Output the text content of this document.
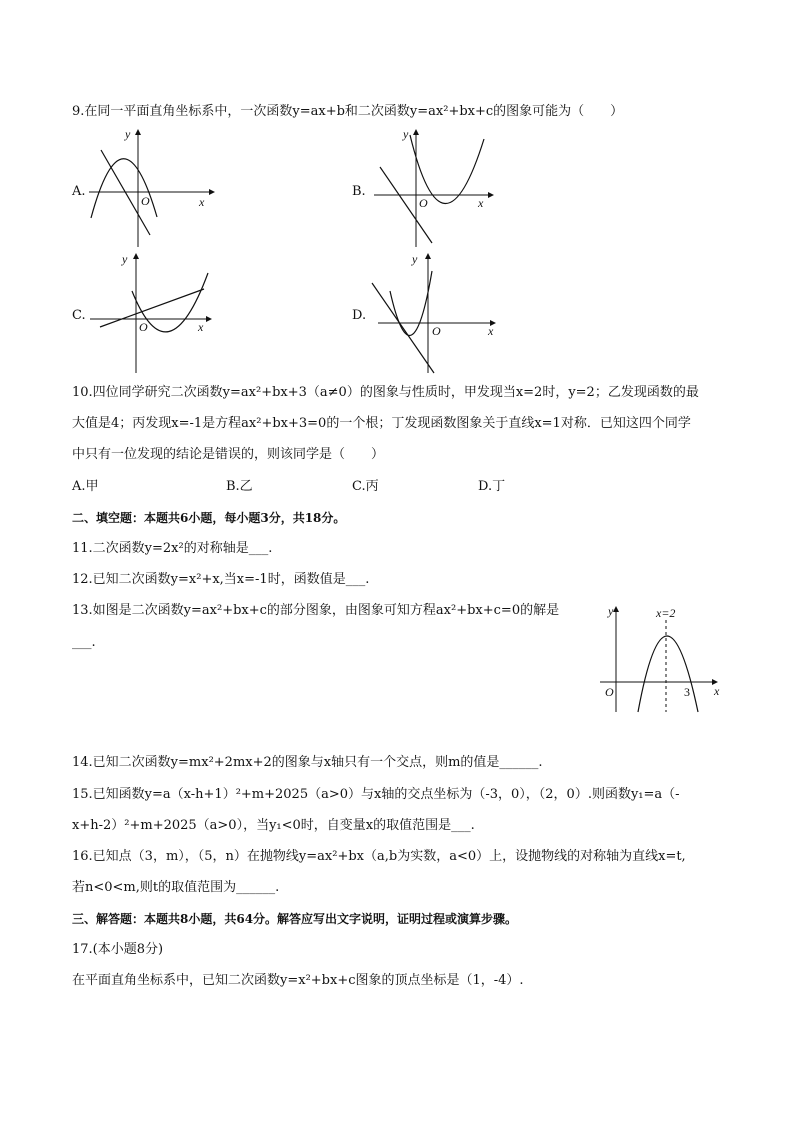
9.在同一平面直角坐标系中，一次函数y=ax+b和二次函数y=ax²+bx+c的图象可能为（　　）
A.
y
O	x
B.
y
O	x
C.
y
O	x
D.
y
O	x
10.四位同学研究二次函数y=ax²+bx+3（a≠0）的图象与性质时，甲发现当x=2时，y=2；乙发现函数的最
大值是4；丙发现x=-1是方程ax²+bx+3=0的一个根；丁发现函数图象关于直线x=1对称．已知这四个同学
中只有一位发现的结论是错误的，则该同学是（　　）
A.甲	B.乙	C.丙	D.丁
二、填空题：本题共6小题，每小题3分，共18分。
11.二次函数y=2x²的对称轴是___.
12.已知二次函数y=x²+x,当x=-1时，函数值是___.
13.如图是二次函数y=ax²+bx+c的部分图象，由图象可知方程ax²+bx+c=0的解是
___.
y	x=2
O	3 x
14.已知二次函数y=mx²+2mx+2的图象与x轴只有一个交点，则m的值是______.
15.已知函数y=a（x-h+1）²+m+2025（a>0）与x轴的交点坐标为（-3，0），（2，0）.则函数y₁=a（-
x+h-2）²+m+2025（a>0），当y₁<0时，自变量x的取值范围是___.
16.已知点（3，m），（5，n）在抛物线y=ax²+bx（a,b为实数，a<0）上，设抛物线的对称轴为直线x=t,
若n<0<m,则t的取值范围为______.
三、解答题：本题共8小题，共64分。解答应写出文字说明，证明过程或演算步骤。
17.(本小题8分)
在平面直角坐标系中，已知二次函数y=x²+bx+c图象的顶点坐标是（1，-4）.
